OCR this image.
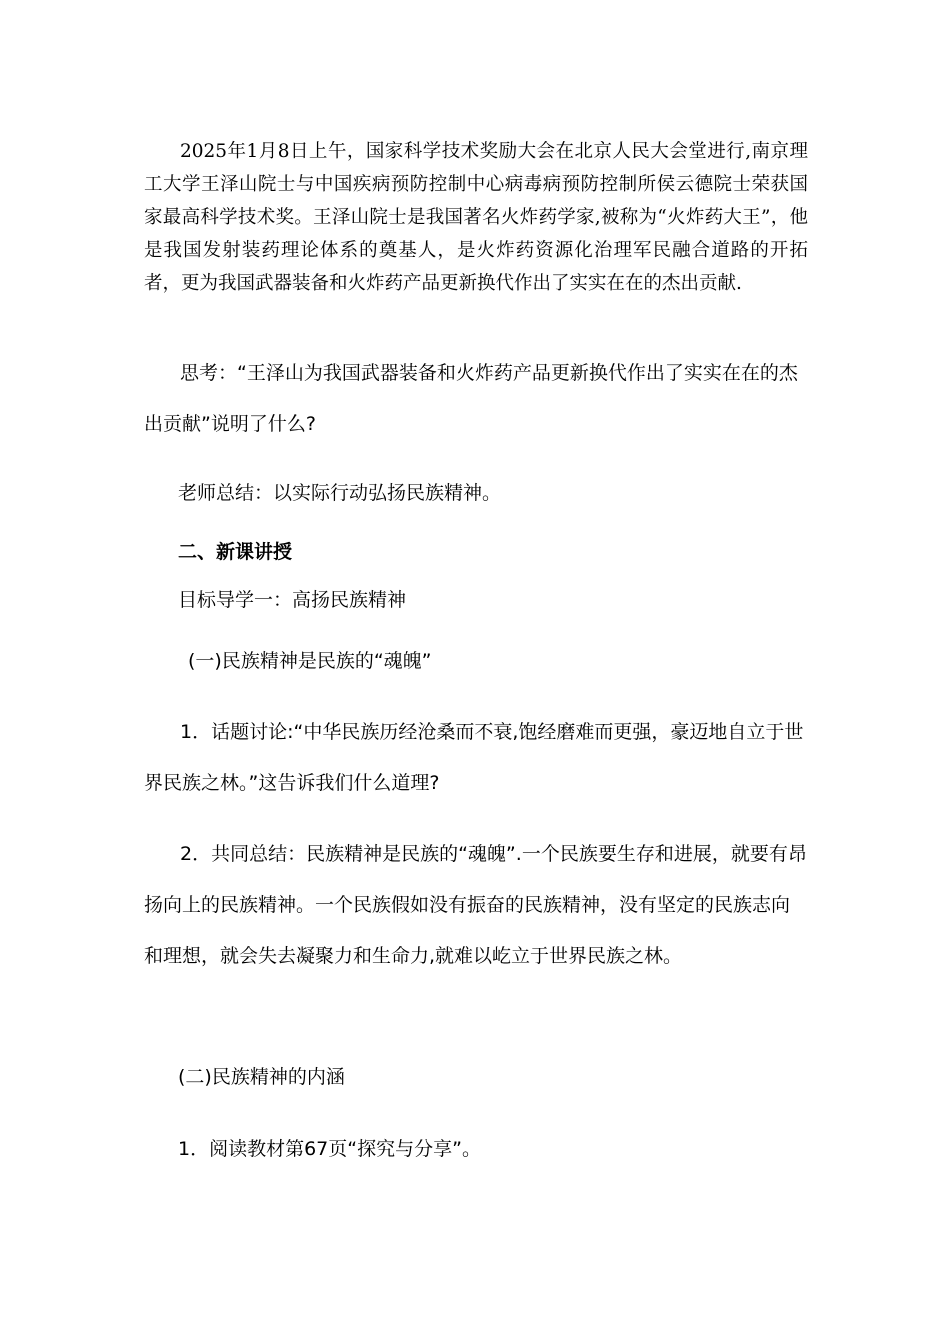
2025年1月8日上午，国家科学技术奖励大会在北京人民大会堂进行,南京理工大学王泽山院士与中国疾病预防控制中心病毒病预防控制所侯云德院士荣获国家最高科学技术奖。王泽山院士是我国著名火炸药学家,被称为“火炸药大王”，他是我国发射装药理论体系的奠基人，是火炸药资源化治理军民融合道路的开拓者，更为我国武器装备和火炸药产品更新换代作出了实实在在的杰出贡献.

思考：“王泽山为我国武器装备和火炸药产品更新换代作出了实实在在的杰出贡献”说明了什么?

老师总结：以实际行动弘扬民族精神。

二、新课讲授

目标导学一：高扬民族精神

(一)民族精神是民族的“魂魄”

1．话题讨论:“中华民族历经沧桑而不衰,饱经磨难而更强，豪迈地自立于世界民族之林。”这告诉我们什么道理?

2．共同总结：民族精神是民族的“魂魄”.一个民族要生存和进展，就要有昂扬向上的民族精神。一个民族假如没有振奋的民族精神，没有坚定的民族志向和理想，就会失去凝聚力和生命力,就难以屹立于世界民族之林。

(二)民族精神的内涵

1．阅读教材第67页“探究与分享”。
